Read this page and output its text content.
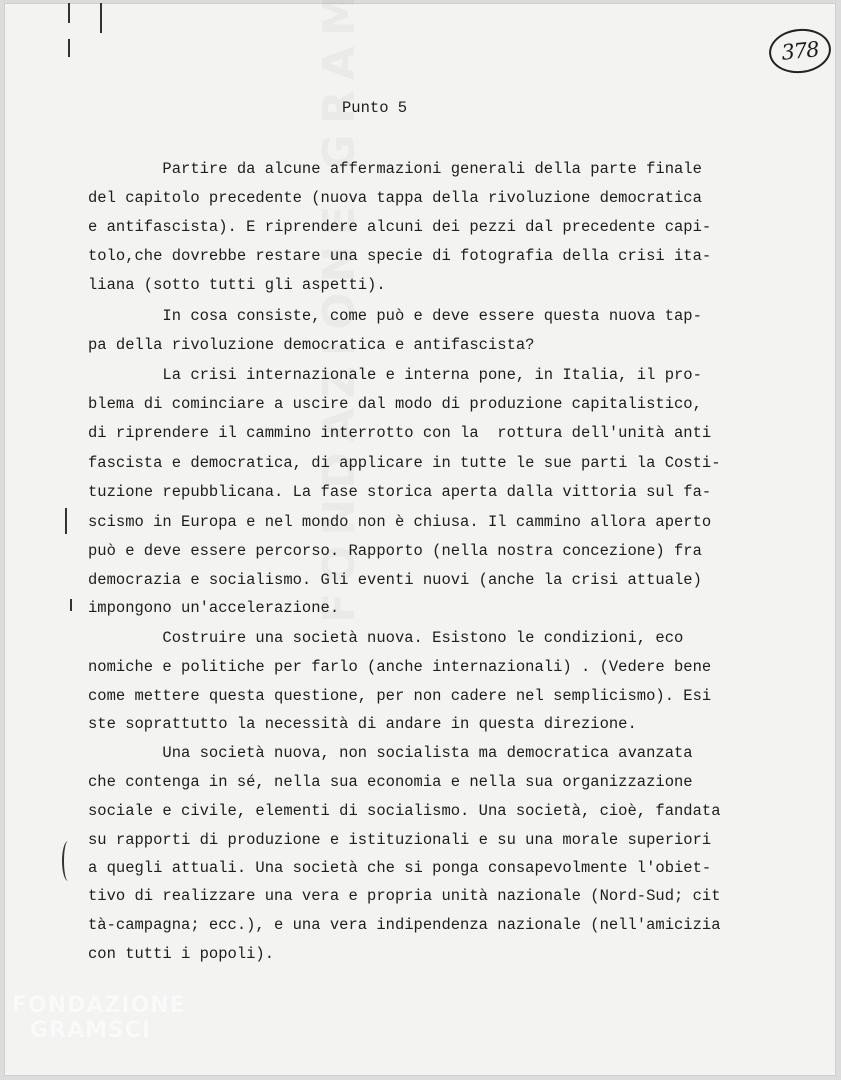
378
Punto 5
Partire da alcune affermazioni generali della parte finale
del capitolo precedente (nuova tappa della rivoluzione democratica
e antifascista). E riprendere alcuni dei pezzi dal precedente capi-
tolo,che dovrebbe restare una specie di fotografia della crisi ita-
liana (sotto tutti gli aspetti).
In cosa consiste, come può e deve essere questa nuova tap-
pa della rivoluzione democratica e antifascista?
La crisi internazionale e interna pone, in Italia, il pro-
blema di cominciare a uscire dal modo di produzione capitalistico,
di riprendere il cammino interrotto con la  rottura dell'unità anti
fascista e democratica, di applicare in tutte le sue parti la Costi-
tuzione repubblicana. La fase storica aperta dalla vittoria sul fa-
scismo in Europa e nel mondo non è chiusa. Il cammino allora aperto
può e deve essere percorso. Rapporto (nella nostra concezione) fra
democrazia e socialismo. Gli eventi nuovi (anche la crisi attuale)
impongono un'accelerazione.
Costruire una società nuova. Esistono le condizioni, eco
nomiche e politiche per farlo (anche internazionali) . (Vedere bene
come mettere questa questione, per non cadere nel semplicismo). Esi
ste soprattutto la necessità di andare in questa direzione.
Una società nuova, non socialista ma democratica avanzata
che contenga in sé, nella sua economia e nella sua organizzazione
sociale e civile, elementi di socialismo. Una società, cioè, fandata
su rapporti di produzione e istituzionali e su una morale superiori
a quegli attuali. Una società che si ponga consapevolmente l'obiet-
tivo di realizzare una vera e propria unità nazionale (Nord-Sud; cit
tà-campagna; ecc.), e una vera indipendenza nazionale (nell'amicizia
con tutti i popoli).
FONDAZIONE
GRAMSCI
